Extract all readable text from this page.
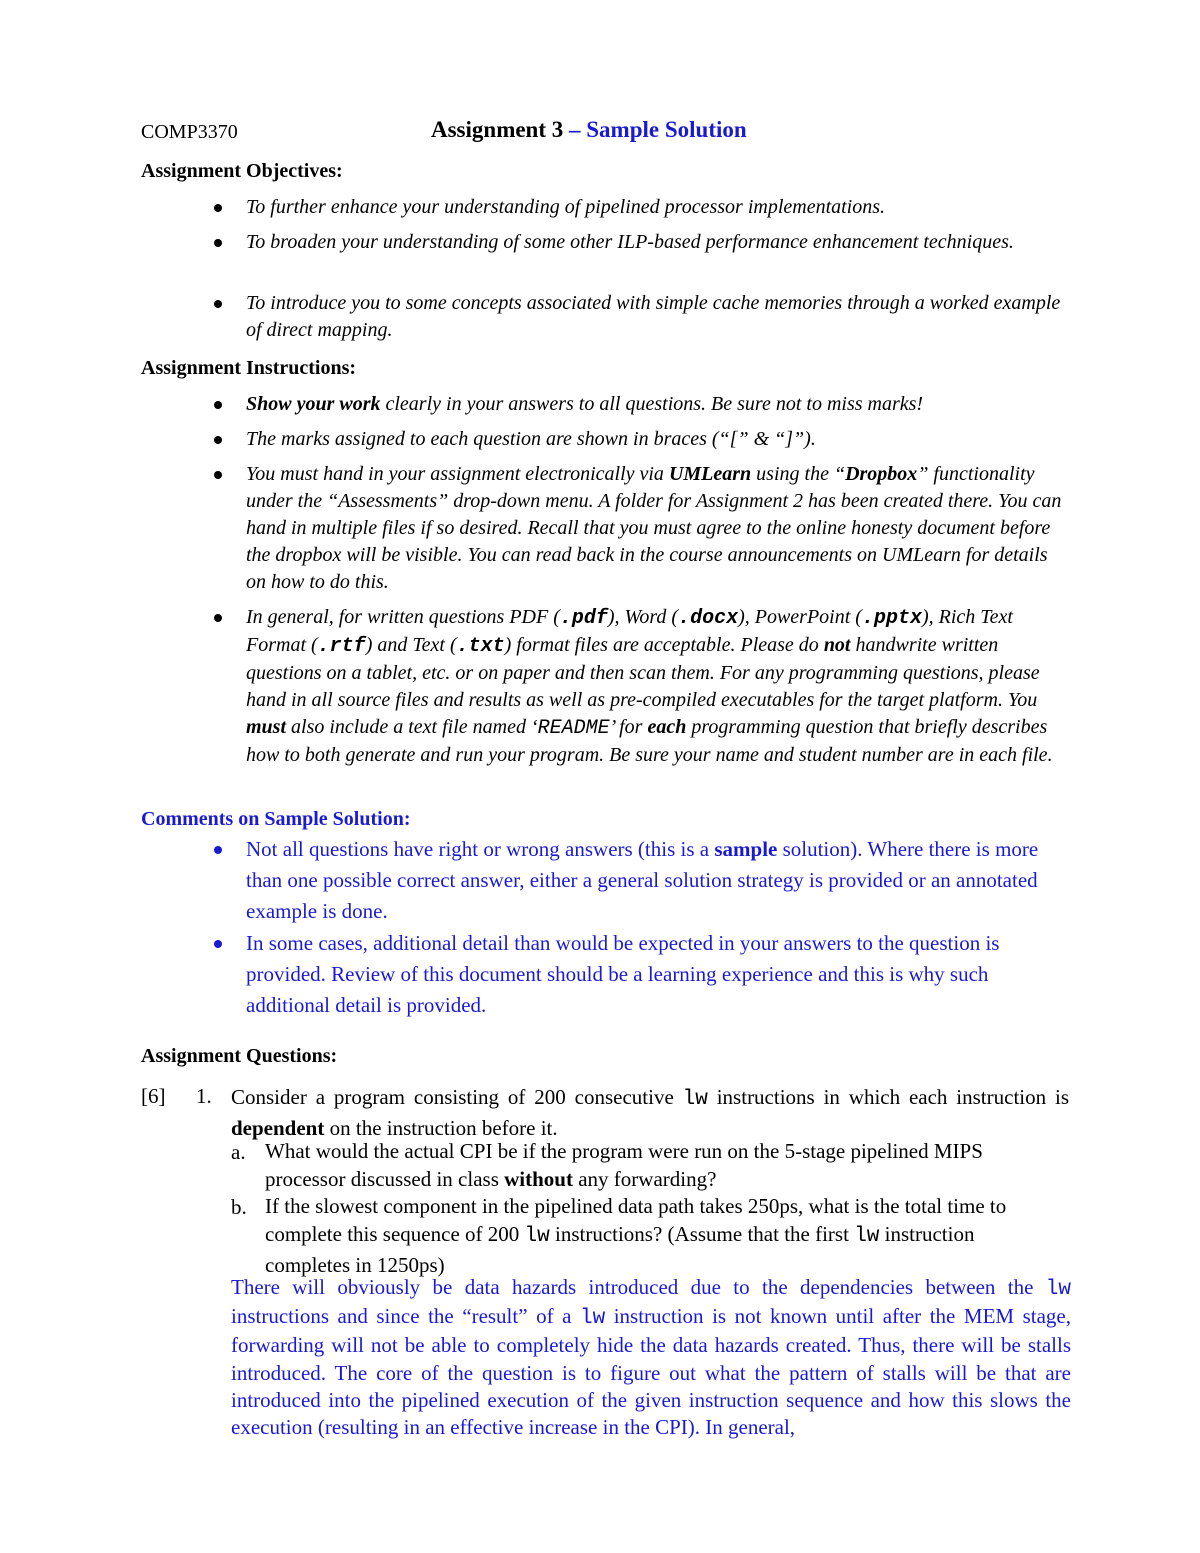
COMP3370	Assignment 3 – Sample Solution
Assignment Objectives:
To further enhance your understanding of pipelined processor implementations.
To broaden your understanding of some other ILP-based performance enhancement techniques.
To introduce you to some concepts associated with simple cache memories through a worked example of direct mapping.
Assignment Instructions:
Show your work clearly in your answers to all questions. Be sure not to miss marks!
The marks assigned to each question are shown in braces (“[” & “]”).
You must hand in your assignment electronically via UMLearn using the “Dropbox” functionality under the “Assessments” drop-down menu. A folder for Assignment 2 has been created there. You can hand in multiple files if so desired. Recall that you must agree to the online honesty document before the dropbox will be visible. You can read back in the course announcements on UMLearn for details on how to do this.
In general, for written questions PDF (.pdf), Word (.docx), PowerPoint (.pptx), Rich Text Format (.rtf) and Text (.txt) format files are acceptable. Please do not handwrite written questions on a tablet, etc. or on paper and then scan them. For any programming questions, please hand in all source files and results as well as pre-compiled executables for the target platform. You must also include a text file named ‘README’ for each programming question that briefly describes how to both generate and run your program. Be sure your name and student number are in each file.
Comments on Sample Solution:
Not all questions have right or wrong answers (this is a sample solution). Where there is more than one possible correct answer, either a general solution strategy is provided or an annotated example is done.
In some cases, additional detail than would be expected in your answers to the question is provided. Review of this document should be a learning experience and this is why such additional detail is provided.
Assignment Questions:
[6] 1. Consider a program consisting of 200 consecutive lw instructions in which each instruction is dependent on the instruction before it.
a. What would the actual CPI be if the program were run on the 5-stage pipelined MIPS processor discussed in class without any forwarding?
b. If the slowest component in the pipelined data path takes 250ps, what is the total time to complete this sequence of 200 lw instructions? (Assume that the first lw instruction completes in 1250ps)
There will obviously be data hazards introduced due to the dependencies between the lw instructions and since the “result” of a lw instruction is not known until after the MEM stage, forwarding will not be able to completely hide the data hazards created. Thus, there will be stalls introduced. The core of the question is to figure out what the pattern of stalls will be that are introduced into the pipelined execution of the given instruction sequence and how this slows the execution (resulting in an effective increase in the CPI). In general,
